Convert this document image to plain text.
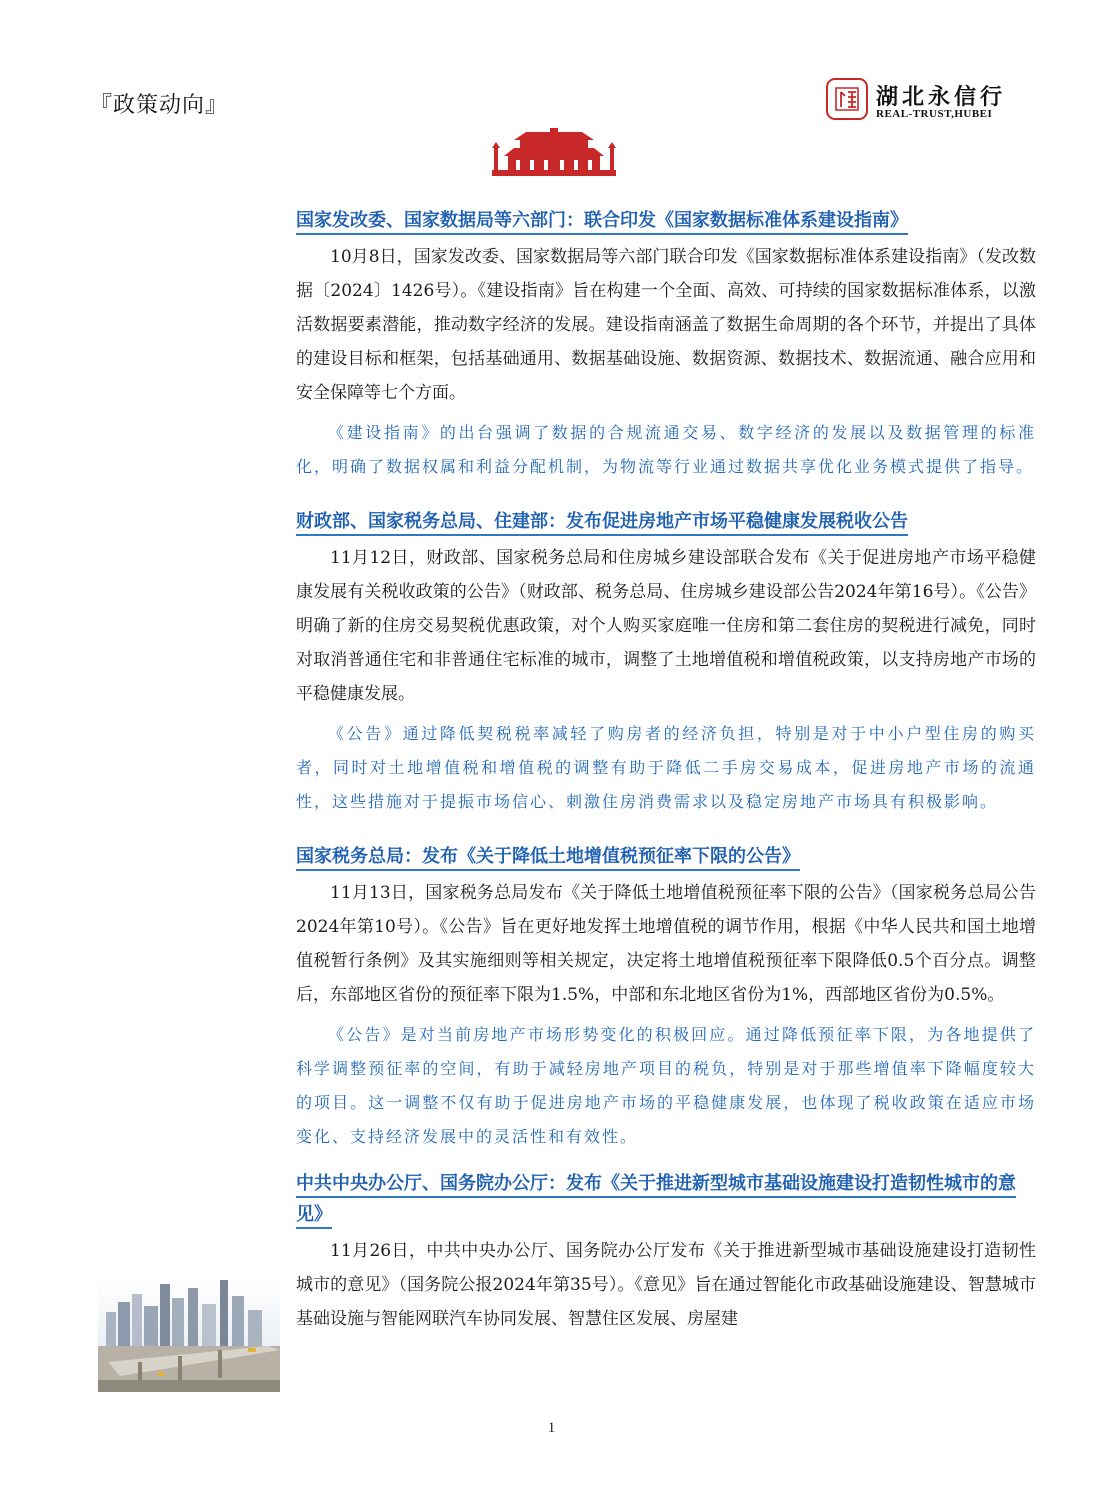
『政策动向』	湖北永信行
REAL-TRUST,HUBEI
国家发改委、国家数据局等六部门：联合印发《国家数据标准体系建设指南》

10月8日，国家发改委、国家数据局等六部门联合印发《国家数据标准体系建设指南》（发改数据〔2024〕1426号）。《建设指南》旨在构建一个全面、高效、可持续的国家数据标准体系，以激活数据要素潜能，推动数字经济的发展。建设指南涵盖了数据生命周期的各个环节，并提出了具体的建设目标和框架，包括基础通用、数据基础设施、数据资源、数据技术、数据流通、融合应用和安全保障等七个方面。

《建设指南》的出台强调了数据的合规流通交易、数字经济的发展以及数据管理的标准化，明确了数据权属和利益分配机制，为物流等行业通过数据共享优化业务模式提供了指导。

财政部、国家税务总局、住建部：发布促进房地产市场平稳健康发展税收公告

11月12日，财政部、国家税务总局和住房城乡建设部联合发布《关于促进房地产市场平稳健康发展有关税收政策的公告》（财政部、税务总局、住房城乡建设部公告2024年第16号）。《公告》明确了新的住房交易契税优惠政策，对个人购买家庭唯一住房和第二套住房的契税进行减免，同时对取消普通住宅和非普通住宅标准的城市，调整了土地增值税和增值税政策，以支持房地产市场的平稳健康发展。

《公告》通过降低契税税率减轻了购房者的经济负担，特别是对于中小户型住房的购买者，同时对土地增值税和增值税的调整有助于降低二手房交易成本，促进房地产市场的流通性，这些措施对于提振市场信心、刺激住房消费需求以及稳定房地产市场具有积极影响。

国家税务总局：发布《关于降低土地增值税预征率下限的公告》

11月13日，国家税务总局发布《关于降低土地增值税预征率下限的公告》（国家税务总局公告2024年第10号）。《公告》旨在更好地发挥土地增值税的调节作用，根据《中华人民共和国土地增值税暂行条例》及其实施细则等相关规定，决定将土地增值税预征率下限降低0.5个百分点。调整后，东部地区省份的预征率下限为1.5%，中部和东北地区省份为1%，西部地区省份为0.5%。

《公告》是对当前房地产市场形势变化的积极回应。通过降低预征率下限，为各地提供了科学调整预征率的空间，有助于减轻房地产项目的税负，特别是对于那些增值率下降幅度较大的项目。这一调整不仅有助于促进房地产市场的平稳健康发展，也体现了税收政策在适应市场变化、支持经济发展中的灵活性和有效性。

中共中央办公厅、国务院办公厅：发布《关于推进新型城市基础设施建设打造韧性城市的意见》

11月26日，中共中央办公厅、国务院办公厅发布《关于推进新型城市基础设施建设打造韧性城市的意见》（国务院公报2024年第35号）。《意见》旨在通过智能化市政基础设施建设、智慧城市基础设施与智能网联汽车协同发展、智慧住区发展、房屋建

1
